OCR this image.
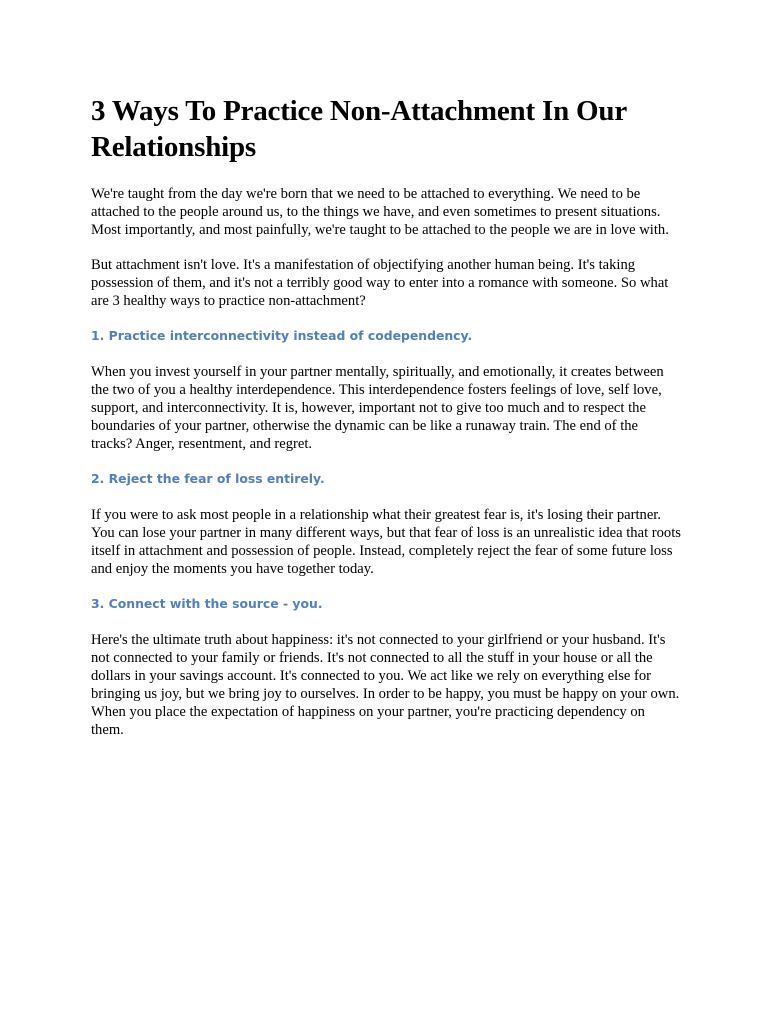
3 Ways To Practice Non-Attachment In Our Relationships

We're taught from the day we're born that we need to be attached to everything. We need to be attached to the people around us, to the things we have, and even sometimes to present situations. Most importantly, and most painfully, we're taught to be attached to the people we are in love with.

But attachment isn't love. It's a manifestation of objectifying another human being. It's taking possession of them, and it's not a terribly good way to enter into a romance with someone. So what are 3 healthy ways to practice non-attachment?

1. Practice interconnectivity instead of codependency.

When you invest yourself in your partner mentally, spiritually, and emotionally, it creates between the two of you a healthy interdependence. This interdependence fosters feelings of love, self love, support, and interconnectivity. It is, however, important not to give too much and to respect the boundaries of your partner, otherwise the dynamic can be like a runaway train. The end of the tracks? Anger, resentment, and regret.

2. Reject the fear of loss entirely.

If you were to ask most people in a relationship what their greatest fear is, it's losing their partner. You can lose your partner in many different ways, but that fear of loss is an unrealistic idea that roots itself in attachment and possession of people. Instead, completely reject the fear of some future loss and enjoy the moments you have together today.

3. Connect with the source - you.

Here's the ultimate truth about happiness: it's not connected to your girlfriend or your husband. It's not connected to your family or friends. It's not connected to all the stuff in your house or all the dollars in your savings account. It's connected to you. We act like we rely on everything else for bringing us joy, but we bring joy to ourselves. In order to be happy, you must be happy on your own. When you place the expectation of happiness on your partner, you're practicing dependency on them.
